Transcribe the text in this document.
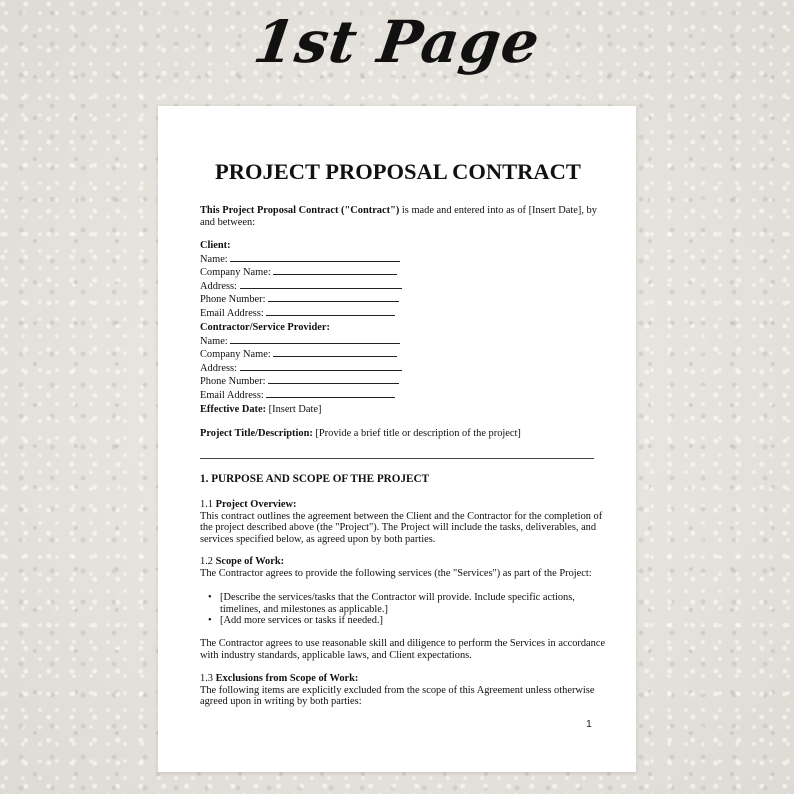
1st Page
PROJECT PROPOSAL CONTRACT
This Project Proposal Contract ("Contract") is made and entered into as of [Insert Date], by
and between:
Client:
Name:
Company Name:
Address:
Phone Number:
Email Address:
Contractor/Service Provider:
Name:
Company Name:
Address:
Phone Number:
Email Address:
Effective Date: [Insert Date]
Project Title/Description: [Provide a brief title or description of the project]
1. PURPOSE AND SCOPE OF THE PROJECT
1.1 Project Overview:
This contract outlines the agreement between the Client and the Contractor for the completion of
the project described above (the "Project"). The Project will include the tasks, deliverables, and
services specified below, as agreed upon by both parties.
1.2 Scope of Work:
The Contractor agrees to provide the following services (the "Services") as part of the Project:
• [Describe the services/tasks that the Contractor will provide. Include specific actions,
timelines, and milestones as applicable.]
• [Add more services or tasks if needed.]
The Contractor agrees to use reasonable skill and diligence to perform the Services in accordance
with industry standards, applicable laws, and Client expectations.
1.3 Exclusions from Scope of Work:
The following items are explicitly excluded from the scope of this Agreement unless otherwise
agreed upon in writing by both parties:
1
